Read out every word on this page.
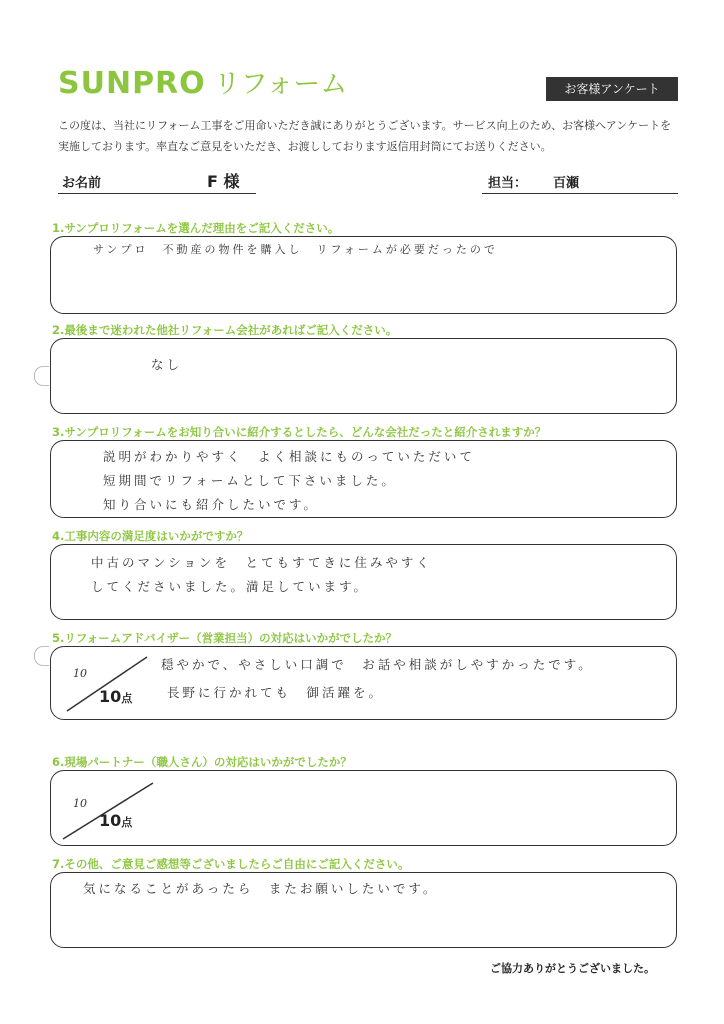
SUNPRO リフォーム	お客様アンケート
この度は、当社にリフォーム工事をご用命いただき誠にありがとうございます。サービス向上のため、お客様へアンケートを実施しております。率直なご意見をいただき、お渡ししております返信用封筒にてお送りください。
お名前	F 様	担当： 百瀬
1.サンプロリフォームを選んだ理由をご記入ください。
サンプロ　不動産の物件を購入し　リフォームが必要だったので
2.最後まで迷われた他社リフォーム会社があればご記入ください。
なし
3.サンプロリフォームをお知り合いに紹介するとしたら、どんな会社だったと紹介されますか？
説明がわかりやすく　よく相談にものっていただいて
短期間でリフォームとして下さいました。
知り合いにも紹介したいです。
4.工事内容の満足度はいかがですか？
中古のマンションを　とてもすてきに住みやすく
してくださいました。満足しています。
5.リフォームアドバイザー（営業担当）の対応はいかがでしたか？
10
10点
穏やかで、やさしい口調で　お話や相談がしやすかったです。
長野に行かれても　御活躍を。
6.現場パートナー（職人さん）の対応はいかがでしたか？
10
10点
7.その他、ご意見ご感想等ございましたらご自由にご記入ください。
気になることがあったら　またお願いしたいです。
ご協力ありがとうございました。
